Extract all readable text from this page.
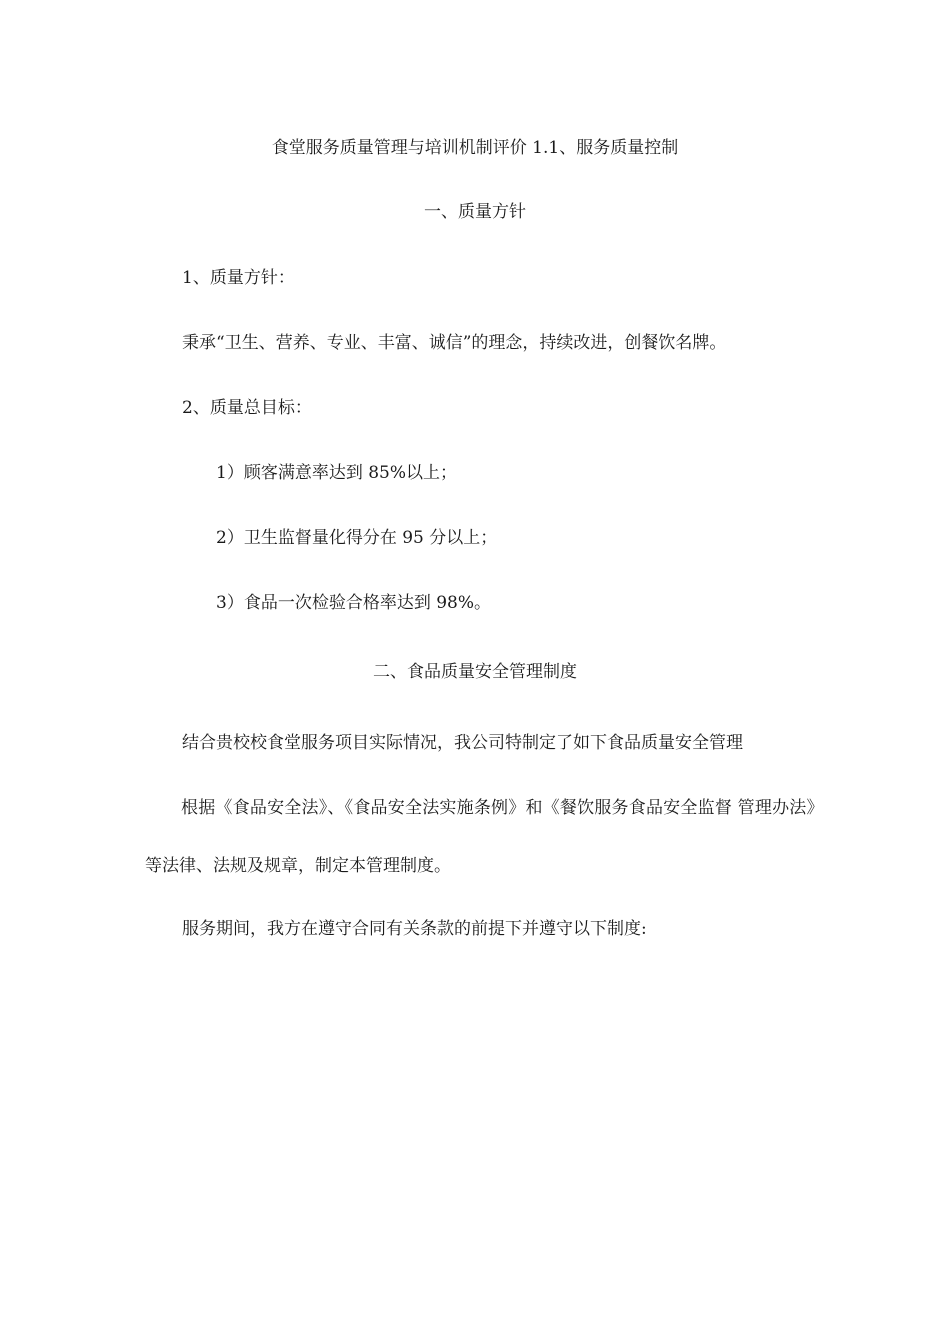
食堂服务质量管理与培训机制评价 1.1、服务质量控制
一、质量方针
1、质量方针：
秉承“卫生、营养、专业、丰富、诚信”的理念，持续改进，创餐饮名牌。
2、质量总目标：
1）顾客满意率达到 85%以上；
2）卫生监督量化得分在 95 分以上；
3）食品一次检验合格率达到 98%。
二、食品质量安全管理制度
结合贵校校食堂服务项目实际情况，我公司特制定了如下食品质量安全管理
根据《食品安全法》、《食品安全法实施条例》和《餐饮服务食品安全监督 管理办法》等法律、法规及规章，制定本管理制度。
服务期间，我方在遵守合同有关条款的前提下并遵守以下制度:
